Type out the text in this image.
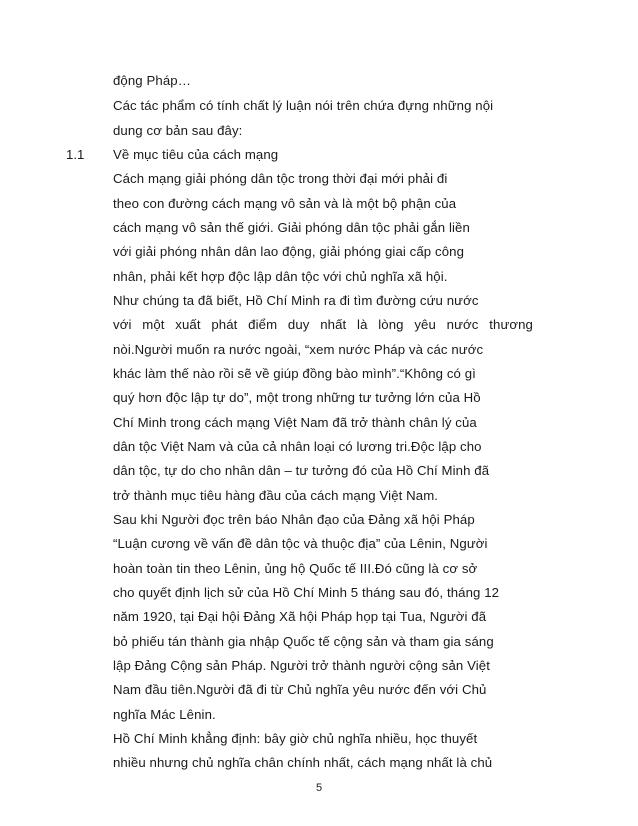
động Pháp…
Các tác phẩm có tính chất lý luận nói trên chứa đựng những nội
dung cơ bản sau đây:
1.1 Về mục tiêu của cách mạng
Cách mạng giải phóng dân tộc trong thời đại mới phải đi
theo con đường cách mạng vô sản và là một bộ phận của
cách mạng vô sản thế giới. Giải phóng dân tộc phải gắn liền
với giải phóng nhân dân lao động, giải phóng giai cấp công
nhân, phải kết hợp độc lập dân tộc với chủ nghĩa xã hội.
Như chúng ta đã biết, Hồ Chí Minh ra đi tìm đường cứu nước
với một xuất phát điểm duy nhất là lòng yêu nước thương
nòi.Người muốn ra nước ngoài, “xem nước Pháp và các nước
khác làm thế nào rồi sẽ về giúp đồng bào mình”.“Không có gì
quý hơn độc lập tự do”, một trong những tư tưởng lớn của Hồ
Chí Minh trong cách mạng Việt Nam đã trở thành chân lý của
dân tộc Việt Nam và của cả nhân loại có lương tri.Độc lập cho
dân tộc, tự do cho nhân dân – tư tưởng đó của Hồ Chí Minh đã
trở thành mục tiêu hàng đầu của cách mạng Việt Nam.
Sau khi Người đọc trên báo Nhân đạo của Đảng xã hội Pháp
“Luận cương về vấn đề dân tộc và thuộc địa” của Lênin, Người
hoàn toàn tin theo Lênin, ủng hộ Quốc tế III.Đó cũng là cơ sở
cho quyết định lịch sử của Hồ Chí Minh 5 tháng sau đó, tháng 12
năm 1920, tại Đại hội Đảng Xã hội Pháp họp tại Tua, Người đã
bỏ phiếu tán thành gia nhập Quốc tế cộng sản và tham gia sáng
lập Đảng Cộng sản Pháp. Người trở thành người cộng sản Việt
Nam đầu tiên.Người đã đi từ Chủ nghĩa yêu nước đến với Chủ
nghĩa Mác Lênin.
Hồ Chí Minh khẳng định: bây giờ chủ nghĩa nhiều, học thuyết
nhiều nhưng chủ nghĩa chân chính nhất, cách mạng nhất là chủ
5
